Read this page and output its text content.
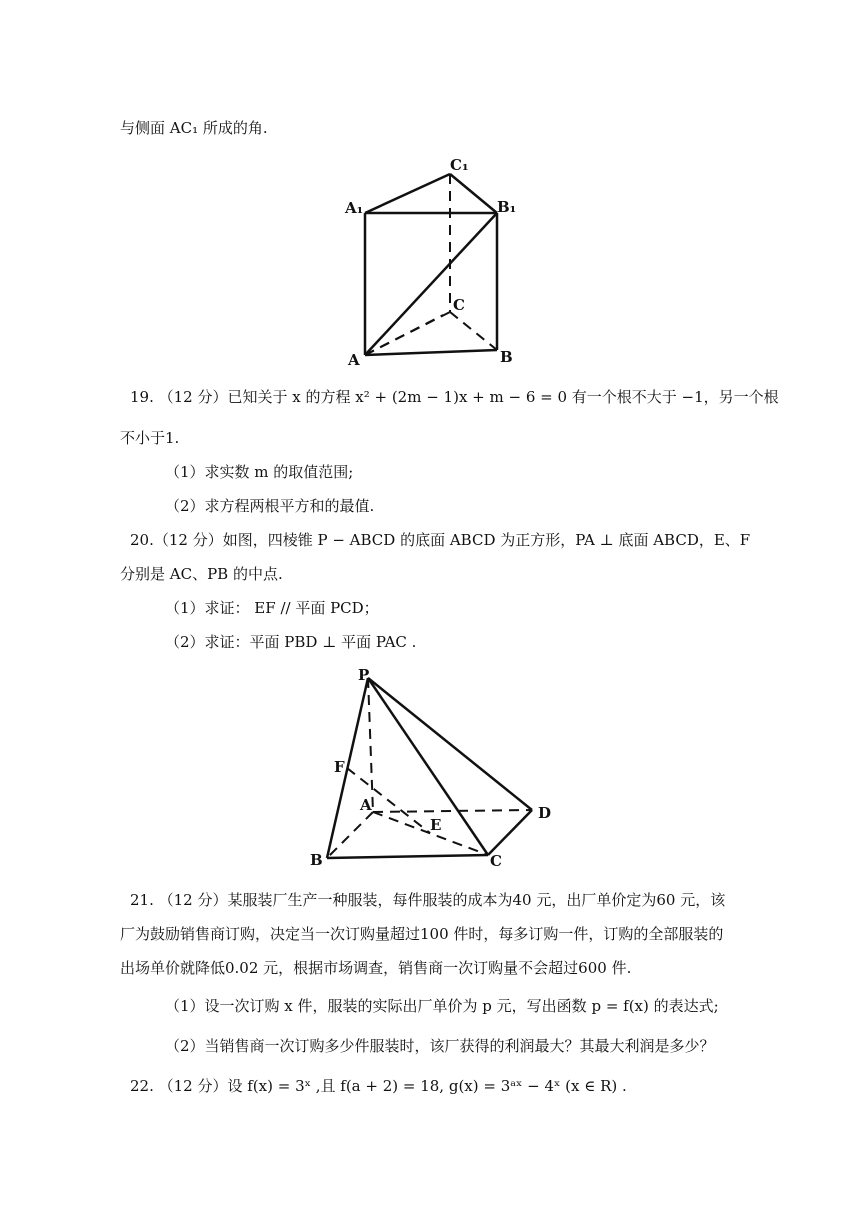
与侧面 AC₁ 所成的角.
A₁
C₁
B₁
C
A	B
19. （12 分）已知关于 x 的方程 x² + (2m − 1)x + m − 6 = 0 有一个根不大于 −1，另一个根
不小于1.
（1）求实数 m 的取值范围;
（2）求方程两根平方和的最值.
20.（12 分）如图，四棱锥 P − ABCD 的底面 ABCD 为正方形，PA ⊥ 底面 ABCD，E、F
分别是 AC、PB 的中点.
（1）求证： EF // 平面 PCD；
（2）求证：平面 PBD ⊥ 平面 PAC .
P
F
A
E
D
B	C
21. （12 分）某服装厂生产一种服装，每件服装的成本为40 元，出厂单价定为60 元，该
厂为鼓励销售商订购，决定当一次订购量超过100 件时，每多订购一件，订购的全部服装的
出场单价就降低0.02 元，根据市场调查，销售商一次订购量不会超过600 件.
（1）设一次订购 x 件，服装的实际出厂单价为 p 元，写出函数 p = f(x) 的表达式;
（2）当销售商一次订购多少件服装时，该厂获得的利润最大？其最大利润是多少？
22. （12 分）设 f(x) = 3ˣ ,且 f(a + 2) = 18, g(x) = 3ᵃˣ − 4ˣ (x ∈ R) .
